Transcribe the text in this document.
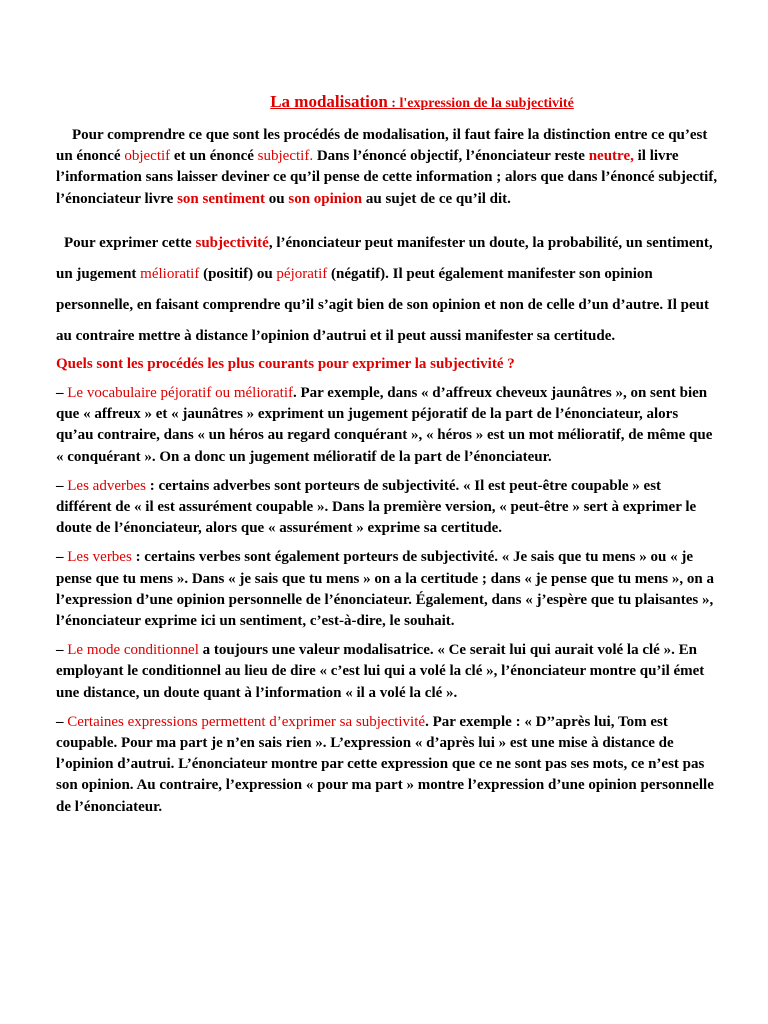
La modalisation : l'expression de la subjectivité

Pour comprendre ce que sont les procédés de modalisation, il faut faire la distinction entre ce qu’est un énoncé objectif et un énoncé subjectif. Dans l’énoncé objectif, l’énonciateur reste neutre, il livre l’information sans laisser deviner ce qu’il pense de cette information ; alors que dans l’énoncé subjectif, l’énonciateur livre son sentiment ou son opinion au sujet de ce qu’il dit.

Pour exprimer cette subjectivité, l’énonciateur peut manifester un doute, la probabilité, un sentiment, un jugement mélioratif (positif) ou péjoratif (négatif). Il peut également manifester son opinion personnelle, en faisant comprendre qu’il s’agit bien de son opinion et non de celle d’un d’autre. Il peut au contraire mettre à distance l’opinion d’autrui et il peut aussi manifester sa certitude.

Quels sont les procédés les plus courants pour exprimer la subjectivité ?

– Le vocabulaire péjoratif ou mélioratif. Par exemple, dans « d’affreux cheveux jaunâtres », on sent bien que « affreux » et « jaunâtres » expriment un jugement péjoratif de la part de l’énonciateur, alors qu’au contraire, dans « un héros au regard conquérant », « héros » est un mot mélioratif, de même que « conquérant ». On a donc un jugement mélioratif de la part de l’énonciateur.

– Les adverbes : certains adverbes sont porteurs de subjectivité. « Il est peut-être coupable » est différent de « il est assurément coupable ». Dans la première version, « peut-être » sert à exprimer le doute de l’énonciateur, alors que « assurément » exprime sa certitude.

– Les verbes : certains verbes sont également porteurs de subjectivité. « Je sais que tu mens » ou « je pense que tu mens ». Dans « je sais que tu mens » on a la certitude ; dans « je pense que tu mens », on a l’expression d’une opinion personnelle de l’énonciateur. Également, dans « j’espère que tu plaisantes », l’énonciateur exprime ici un sentiment, c’est-à-dire, le souhait.

– Le mode conditionnel a toujours une valeur modalisatrice. « Ce serait lui qui aurait volé la clé ». En employant le conditionnel au lieu de dire « c’est lui qui a volé la clé », l’énonciateur montre qu’il émet une distance, un doute quant à l’information « il a volé la clé ».

– Certaines expressions permettent d’exprimer sa subjectivité. Par exemple : « D’’après lui, Tom est coupable. Pour ma part je n’en sais rien ». L’expression « d’après lui » est une mise à distance de l’opinion d’autrui. L’énonciateur montre par cette expression que ce ne sont pas ses mots, ce n’est pas son opinion. Au contraire, l’expression « pour ma part » montre l’expression d’une opinion personnelle de l’énonciateur.
